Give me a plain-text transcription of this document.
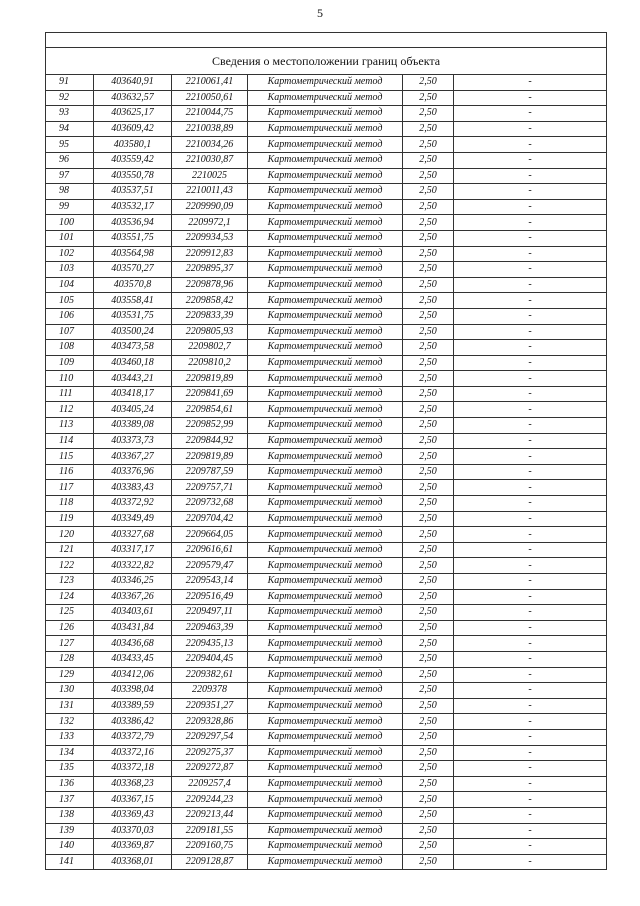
5

Сведения о местоположении границ объекта					
91	403640,91	2210061,41	Картометрический метод	2,50	-
92	403632,57	2210050,61	Картометрический метод	2,50	-
93	403625,17	2210044,75	Картометрический метод	2,50	-
94	403609,42	2210038,89	Картометрический метод	2,50	-
95	403580,1	2210034,26	Картометрический метод	2,50	-
96	403559,42	2210030,87	Картометрический метод	2,50	-
97	403550,78	2210025	Картометрический метод	2,50	-
98	403537,51	2210011,43	Картометрический метод	2,50	-
99	403532,17	2209990,09	Картометрический метод	2,50	-
100	403536,94	2209972,1	Картометрический метод	2,50	-
101	403551,75	2209934,53	Картометрический метод	2,50	-
102	403564,98	2209912,83	Картометрический метод	2,50	-
103	403570,27	2209895,37	Картометрический метод	2,50	-
104	403570,8	2209878,96	Картометрический метод	2,50	-
105	403558,41	2209858,42	Картометрический метод	2,50	-
106	403531,75	2209833,39	Картометрический метод	2,50	-
107	403500,24	2209805,93	Картометрический метод	2,50	-
108	403473,58	2209802,7	Картометрический метод	2,50	-
109	403460,18	2209810,2	Картометрический метод	2,50	-
110	403443,21	2209819,89	Картометрический метод	2,50	-
111	403418,17	2209841,69	Картометрический метод	2,50	-
112	403405,24	2209854,61	Картометрический метод	2,50	-
113	403389,08	2209852,99	Картометрический метод	2,50	-
114	403373,73	2209844,92	Картометрический метод	2,50	-
115	403367,27	2209819,89	Картометрический метод	2,50	-
116	403376,96	2209787,59	Картометрический метод	2,50	-
117	403383,43	2209757,71	Картометрический метод	2,50	-
118	403372,92	2209732,68	Картометрический метод	2,50	-
119	403349,49	2209704,42	Картометрический метод	2,50	-
120	403327,68	2209664,05	Картометрический метод	2,50	-
121	403317,17	2209616,61	Картометрический метод	2,50	-
122	403322,82	2209579,47	Картометрический метод	2,50	-
123	403346,25	2209543,14	Картометрический метод	2,50	-
124	403367,26	2209516,49	Картометрический метод	2,50	-
125	403403,61	2209497,11	Картометрический метод	2,50	-
126	403431,84	2209463,39	Картометрический метод	2,50	-
127	403436,68	2209435,13	Картометрический метод	2,50	-
128	403433,45	2209404,45	Картометрический метод	2,50	-
129	403412,06	2209382,61	Картометрический метод	2,50	-
130	403398,04	2209378	Картометрический метод	2,50	-
131	403389,59	2209351,27	Картометрический метод	2,50	-
132	403386,42	2209328,86	Картометрический метод	2,50	-
133	403372,79	2209297,54	Картометрический метод	2,50	-
134	403372,16	2209275,37	Картометрический метод	2,50	-
135	403372,18	2209272,87	Картометрический метод	2,50	-
136	403368,23	2209257,4	Картометрический метод	2,50	-
137	403367,15	2209244,23	Картометрический метод	2,50	-
138	403369,43	2209213,44	Картометрический метод	2,50	-
139	403370,03	2209181,55	Картометрический метод	2,50	-
140	403369,87	2209160,75	Картометрический метод	2,50	-
141	403368,01	2209128,87	Картометрический метод	2,50	-
